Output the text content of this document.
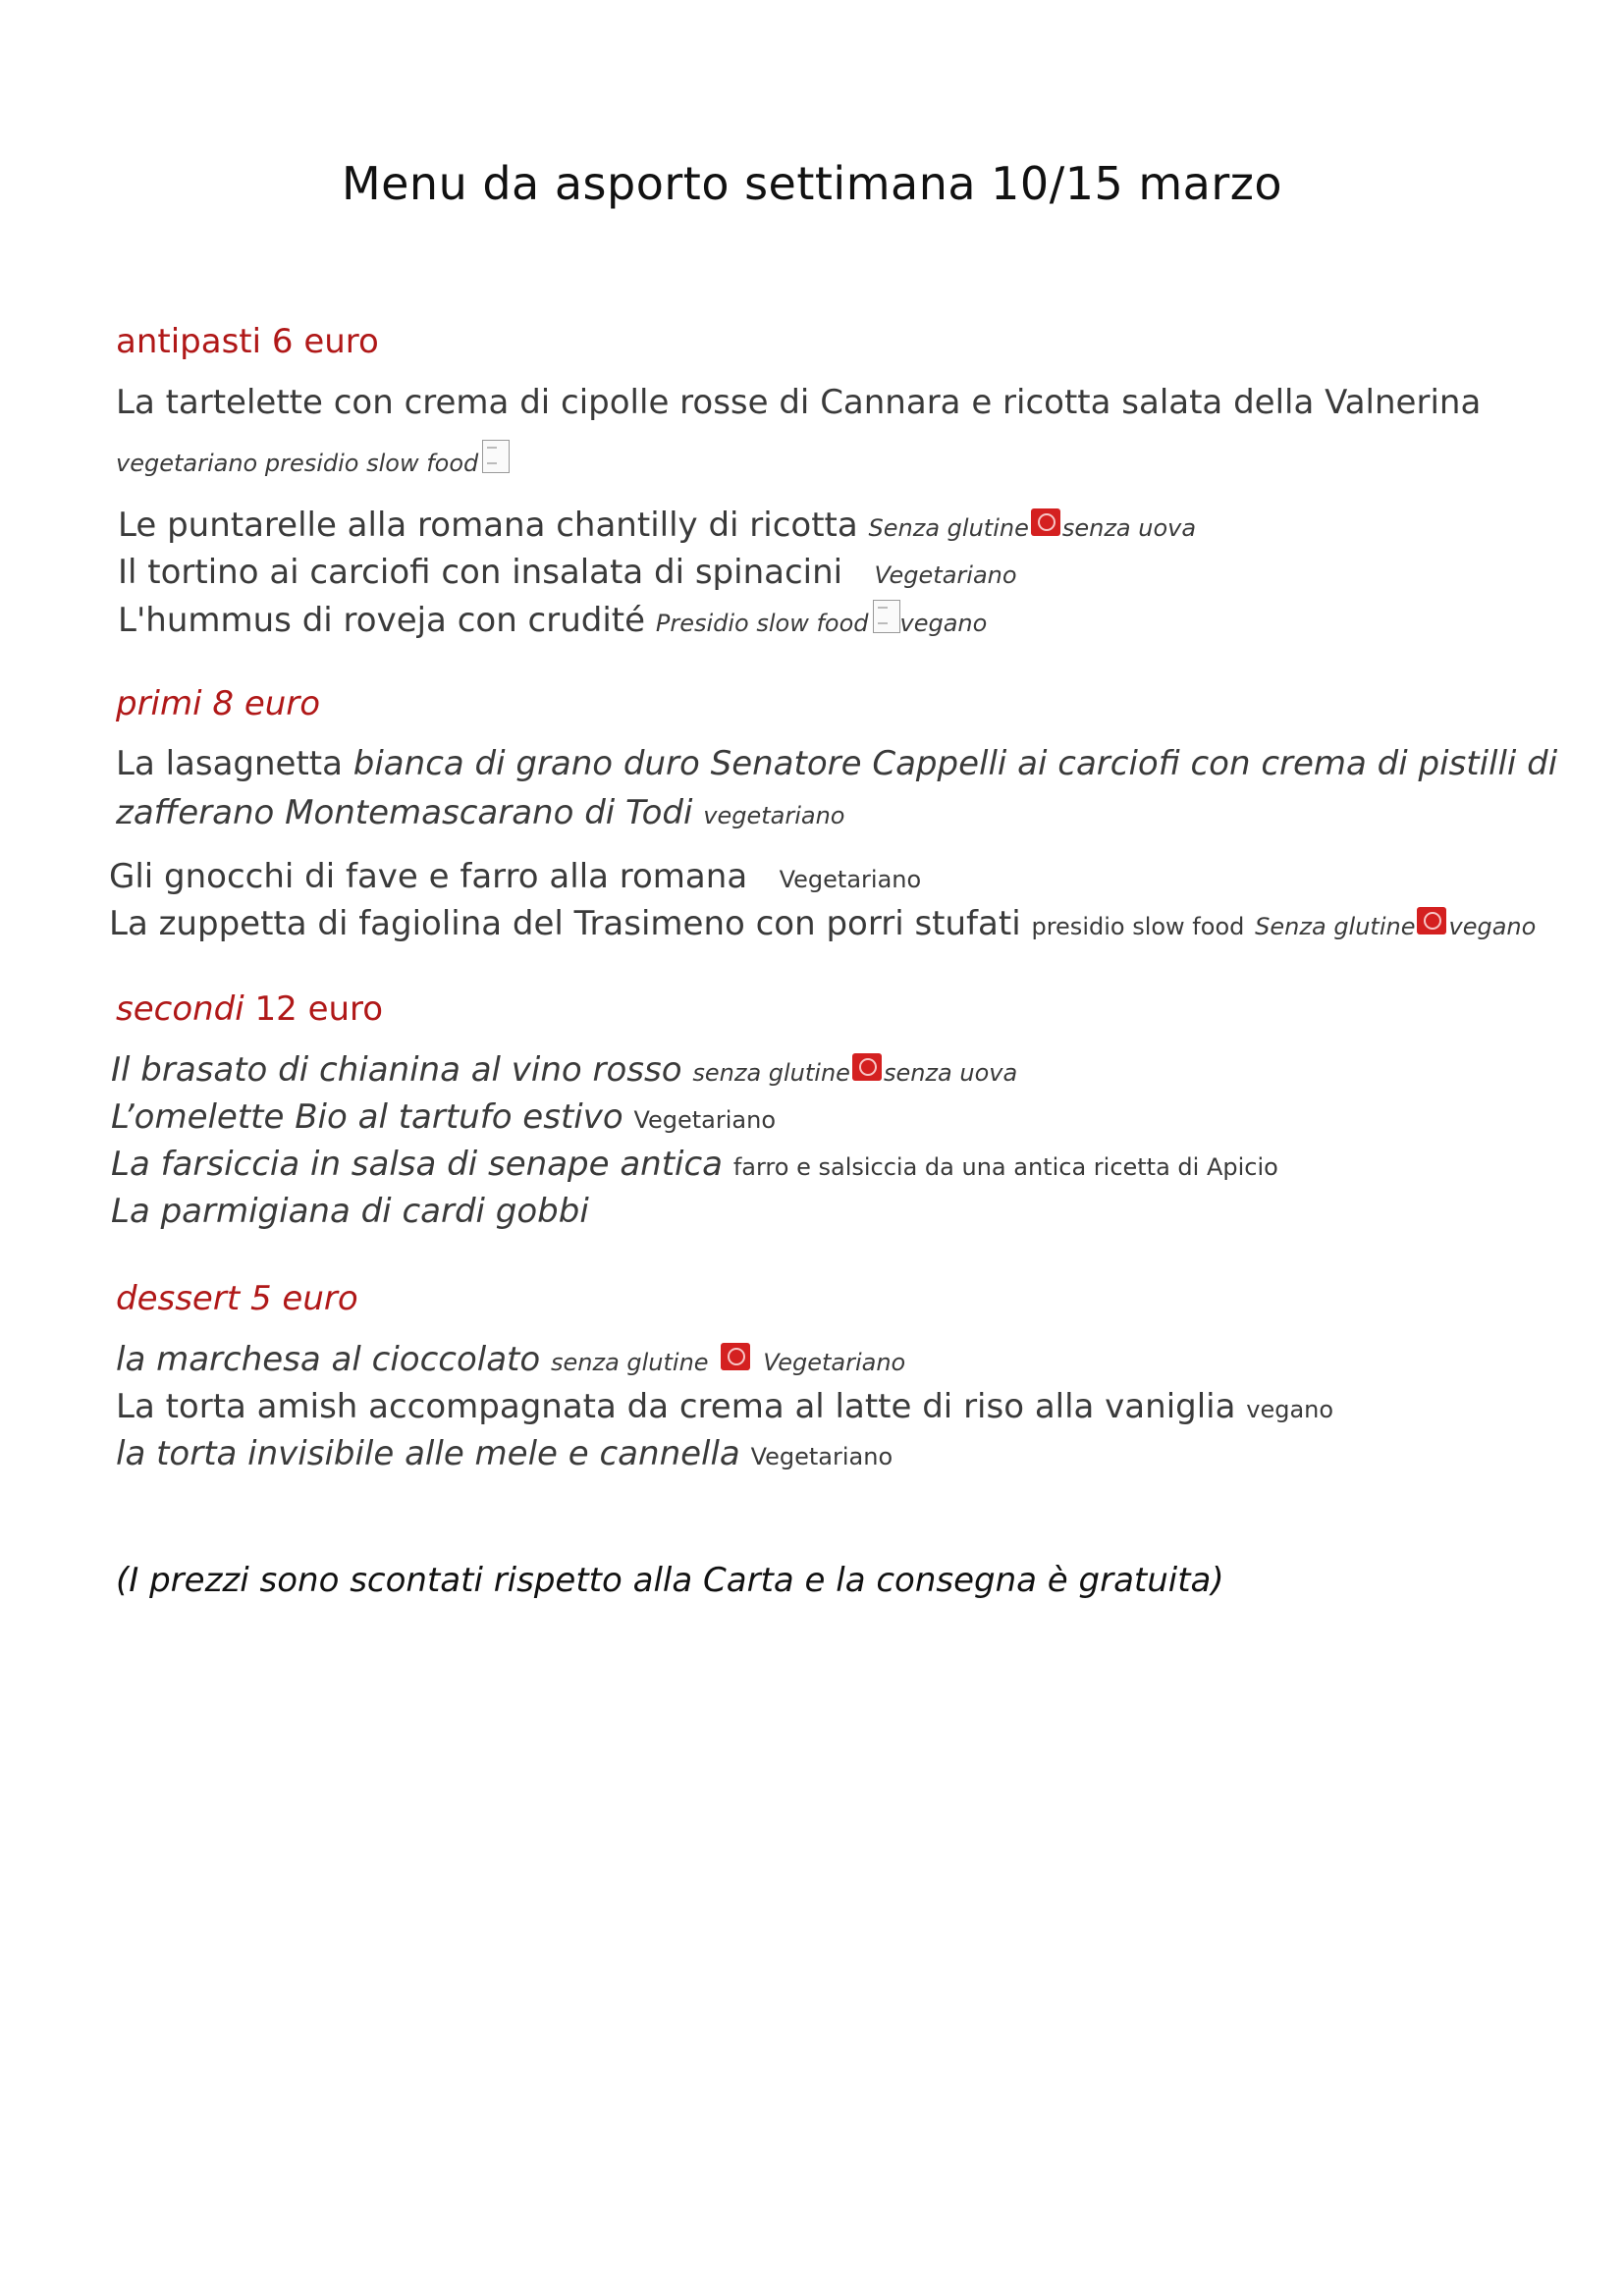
Menu da asporto settimana 10/15 marzo
antipasti 6 euro
La tartelette con crema di cipolle rosse di Cannara e ricotta salata della Valnerina
vegetariano presidio slow food
Le puntarelle alla romana chantilly di ricotta Senza glutine senza uova
Il tortino ai carciofi con insalata di spinacini Vegetariano
L'hummus di roveja con crudité Presidio slow food vegano
primi 8 euro
La lasagnetta bianca di grano duro Senatore Cappelli ai carciofi con crema di pistilli di
zafferano Montemascarano di Todi vegetariano
Gli gnocchi di fave e farro alla romana Vegetariano
La zuppetta di fagiolina del Trasimeno con porri stufati presidio slow food Senza glutine vegano
secondi 12 euro
Il brasato di chianina al vino rosso senza glutine senza uova
L’omelette Bio al tartufo estivo Vegetariano
La farsiccia in salsa di senape antica farro e salsiccia da una antica ricetta di Apicio
La parmigiana di cardi gobbi
dessert 5 euro
la marchesa al cioccolato senza glutine Vegetariano
La torta amish accompagnata da crema al latte di riso alla vaniglia vegano
la torta invisibile alle mele e cannella Vegetariano
(I prezzi sono scontati rispetto alla Carta e la consegna è gratuita)
